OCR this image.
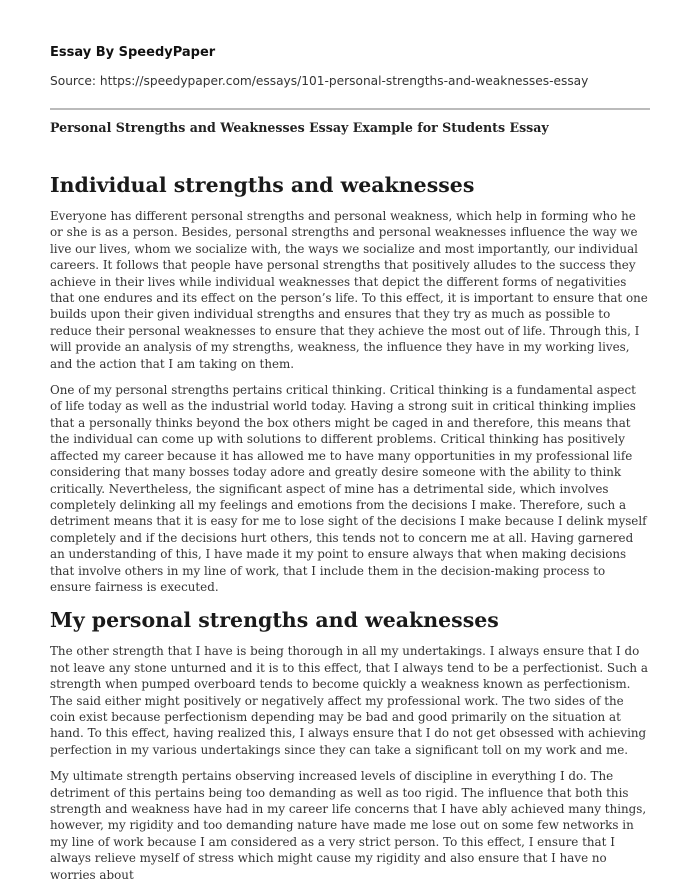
Essay By SpeedyPaper
Source: https://speedypaper.com/essays/101-personal-strengths-and-weaknesses-essay
Personal Strengths and Weaknesses Essay Example for Students Essay
Individual strengths and weaknesses

Everyone has different personal strengths and personal weakness, which help in forming who he or she is as a person. Besides, personal strengths and personal weaknesses influence the way we live our lives, whom we socialize with, the ways we socialize and most importantly, our individual careers. It follows that people have personal strengths that positively alludes to the success they achieve in their lives while individual weaknesses that depict the different forms of negativities that one endures and its effect on the person’s life. To this effect, it is important to ensure that one builds upon their given individual strengths and ensures that they try as much as possible to reduce their personal weaknesses to ensure that they achieve the most out of life. Through this, I will provide an analysis of my strengths, weakness, the influence they have in my working lives, and the action that I am taking on them.

One of my personal strengths pertains critical thinking. Critical thinking is a fundamental aspect of life today as well as the industrial world today. Having a strong suit in critical thinking implies that a personally thinks beyond the box others might be caged in and therefore, this means that the individual can come up with solutions to different problems. Critical thinking has positively affected my career because it has allowed me to have many opportunities in my professional life considering that many bosses today adore and greatly desire someone with the ability to think critically. Nevertheless, the significant aspect of mine has a detrimental side, which involves completely delinking all my feelings and emotions from the decisions I make. Therefore, such a detriment means that it is easy for me to lose sight of the decisions I make because I delink myself completely and if the decisions hurt others, this tends not to concern me at all. Having garnered an understanding of this, I have made it my point to ensure always that when making decisions that involve others in my line of work, that I include them in the decision-making process to ensure fairness is executed.

My personal strengths and weaknesses

The other strength that I have is being thorough in all my undertakings. I always ensure that I do not leave any stone unturned and it is to this effect, that I always tend to be a perfectionist. Such a strength when pumped overboard tends to become quickly a weakness known as perfectionism. The said either might positively or negatively affect my professional work. The two sides of the coin exist because perfectionism depending may be bad and good primarily on the situation at hand. To this effect, having realized this, I always ensure that I do not get obsessed with achieving perfection in my various undertakings since they can take a significant toll on my work and me.

My ultimate strength pertains observing increased levels of discipline in everything I do. The detriment of this pertains being too demanding as well as too rigid. The influence that both this strength and weakness have had in my career life concerns that I have ably achieved many things, however, my rigidity and too demanding nature have made me lose out on some few networks in my line of work because I am considered as a very strict person. To this effect, I ensure that I always relieve myself of stress which might cause my rigidity and also ensure that I have no worries about
